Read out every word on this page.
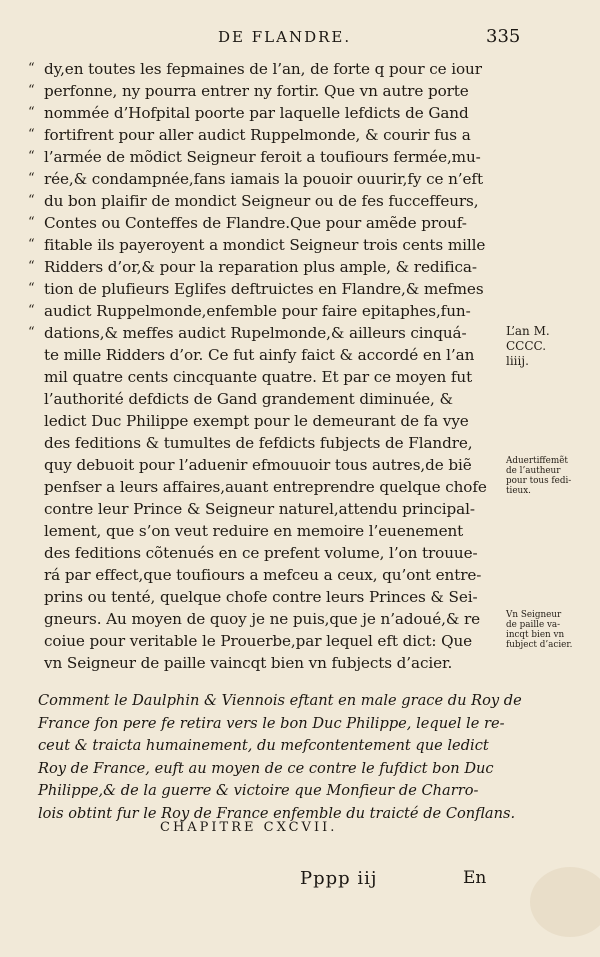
DE FLANDRE.	335
“ dy,en toutes les fepmaines de l’an, de forte q pour ce iour
“ perfonne, ny pourra entrer ny fortir. Que vn autre porte
“ nommée d’Hofpital poorte par laquelle lefdicts de Gand
“ fortifrent pour aller audict Ruppelmonde, & courir fus a
“ l’armée de mõdict Seigneur feroit a toufiours fermée,mu-
“ rée,& condampnée,fans iamais la pouoir ouurir,fy ce n’eft
“ du bon plaifir de mondict Seigneur ou de fes fucceffeurs,
“ Contes ou Conteffes de Flandre.Que pour amẽde prouf-
“ fitable ils payeroyent a mondict Seigneur trois cents mille
“ Ridders d’or,& pour la reparation plus ample, & redifica-
“ tion de plufieurs Eglifes deftruictes en Flandre,& mefmes
“ audict Ruppelmonde,enfemble pour faire epitaphes,fun-
“ dations,& meffes audict Rupelmonde,& ailleurs cinquá-
te mille Ridders d’or. Ce fut ainfy faict & accordé en l’an
mil quatre cents cincquante quatre. Et par ce moyen fut
l’authorité defdicts de Gand grandement diminuée, &
ledict Duc Philippe exempt pour le demeurant de fa vye
des feditions & tumultes de fefdicts fubjects de Flandre,
quy debuoit pour l’aduenir efmouuoir tous autres,de biẽ
penfser a leurs affaires,auant entreprendre quelque chofe
contre leur Prince & Seigneur naturel,attendu principal-
lement, que s’on veut reduire en memoire l’euenement
des feditions cõtenués en ce prefent volume, l’on trouue-
rá par effect,que toufiours a mefceu a ceux, qu’ont entre-
prins ou tenté, quelque chofe contre leurs Princes & Sei-
gneurs. Au moyen de quoy je ne puis,que je n’adoué,& re
coiue pour veritable le Prouerbe,par lequel eft dict: Que
vn Seigneur de paille vaincqt bien vn fubjects d’acier.
L’an M.
CCCC.
liiij.
Aduertiffemẽt
de l’autheur
pour tous fedi-
tieux.
Vn Seigneur
de paille va-
incqt bien vn
fubject d’acier.
Comment le Daulphin & Viennois eftant en male grace du Roy de
France fon pere fe retira vers le bon Duc Philippe, lequel le re-
ceut & traicta humainement, du mefcontentement que ledict
Roy de France, euft au moyen de ce contre le fufdict bon Duc
Philippe,& de la guerre & victoire que Monfieur de Charro-
lois obtint fur le Roy de France enfemble du traicté de Conflans.
CHAPITRE CXCVII.
Pppp iij	En
